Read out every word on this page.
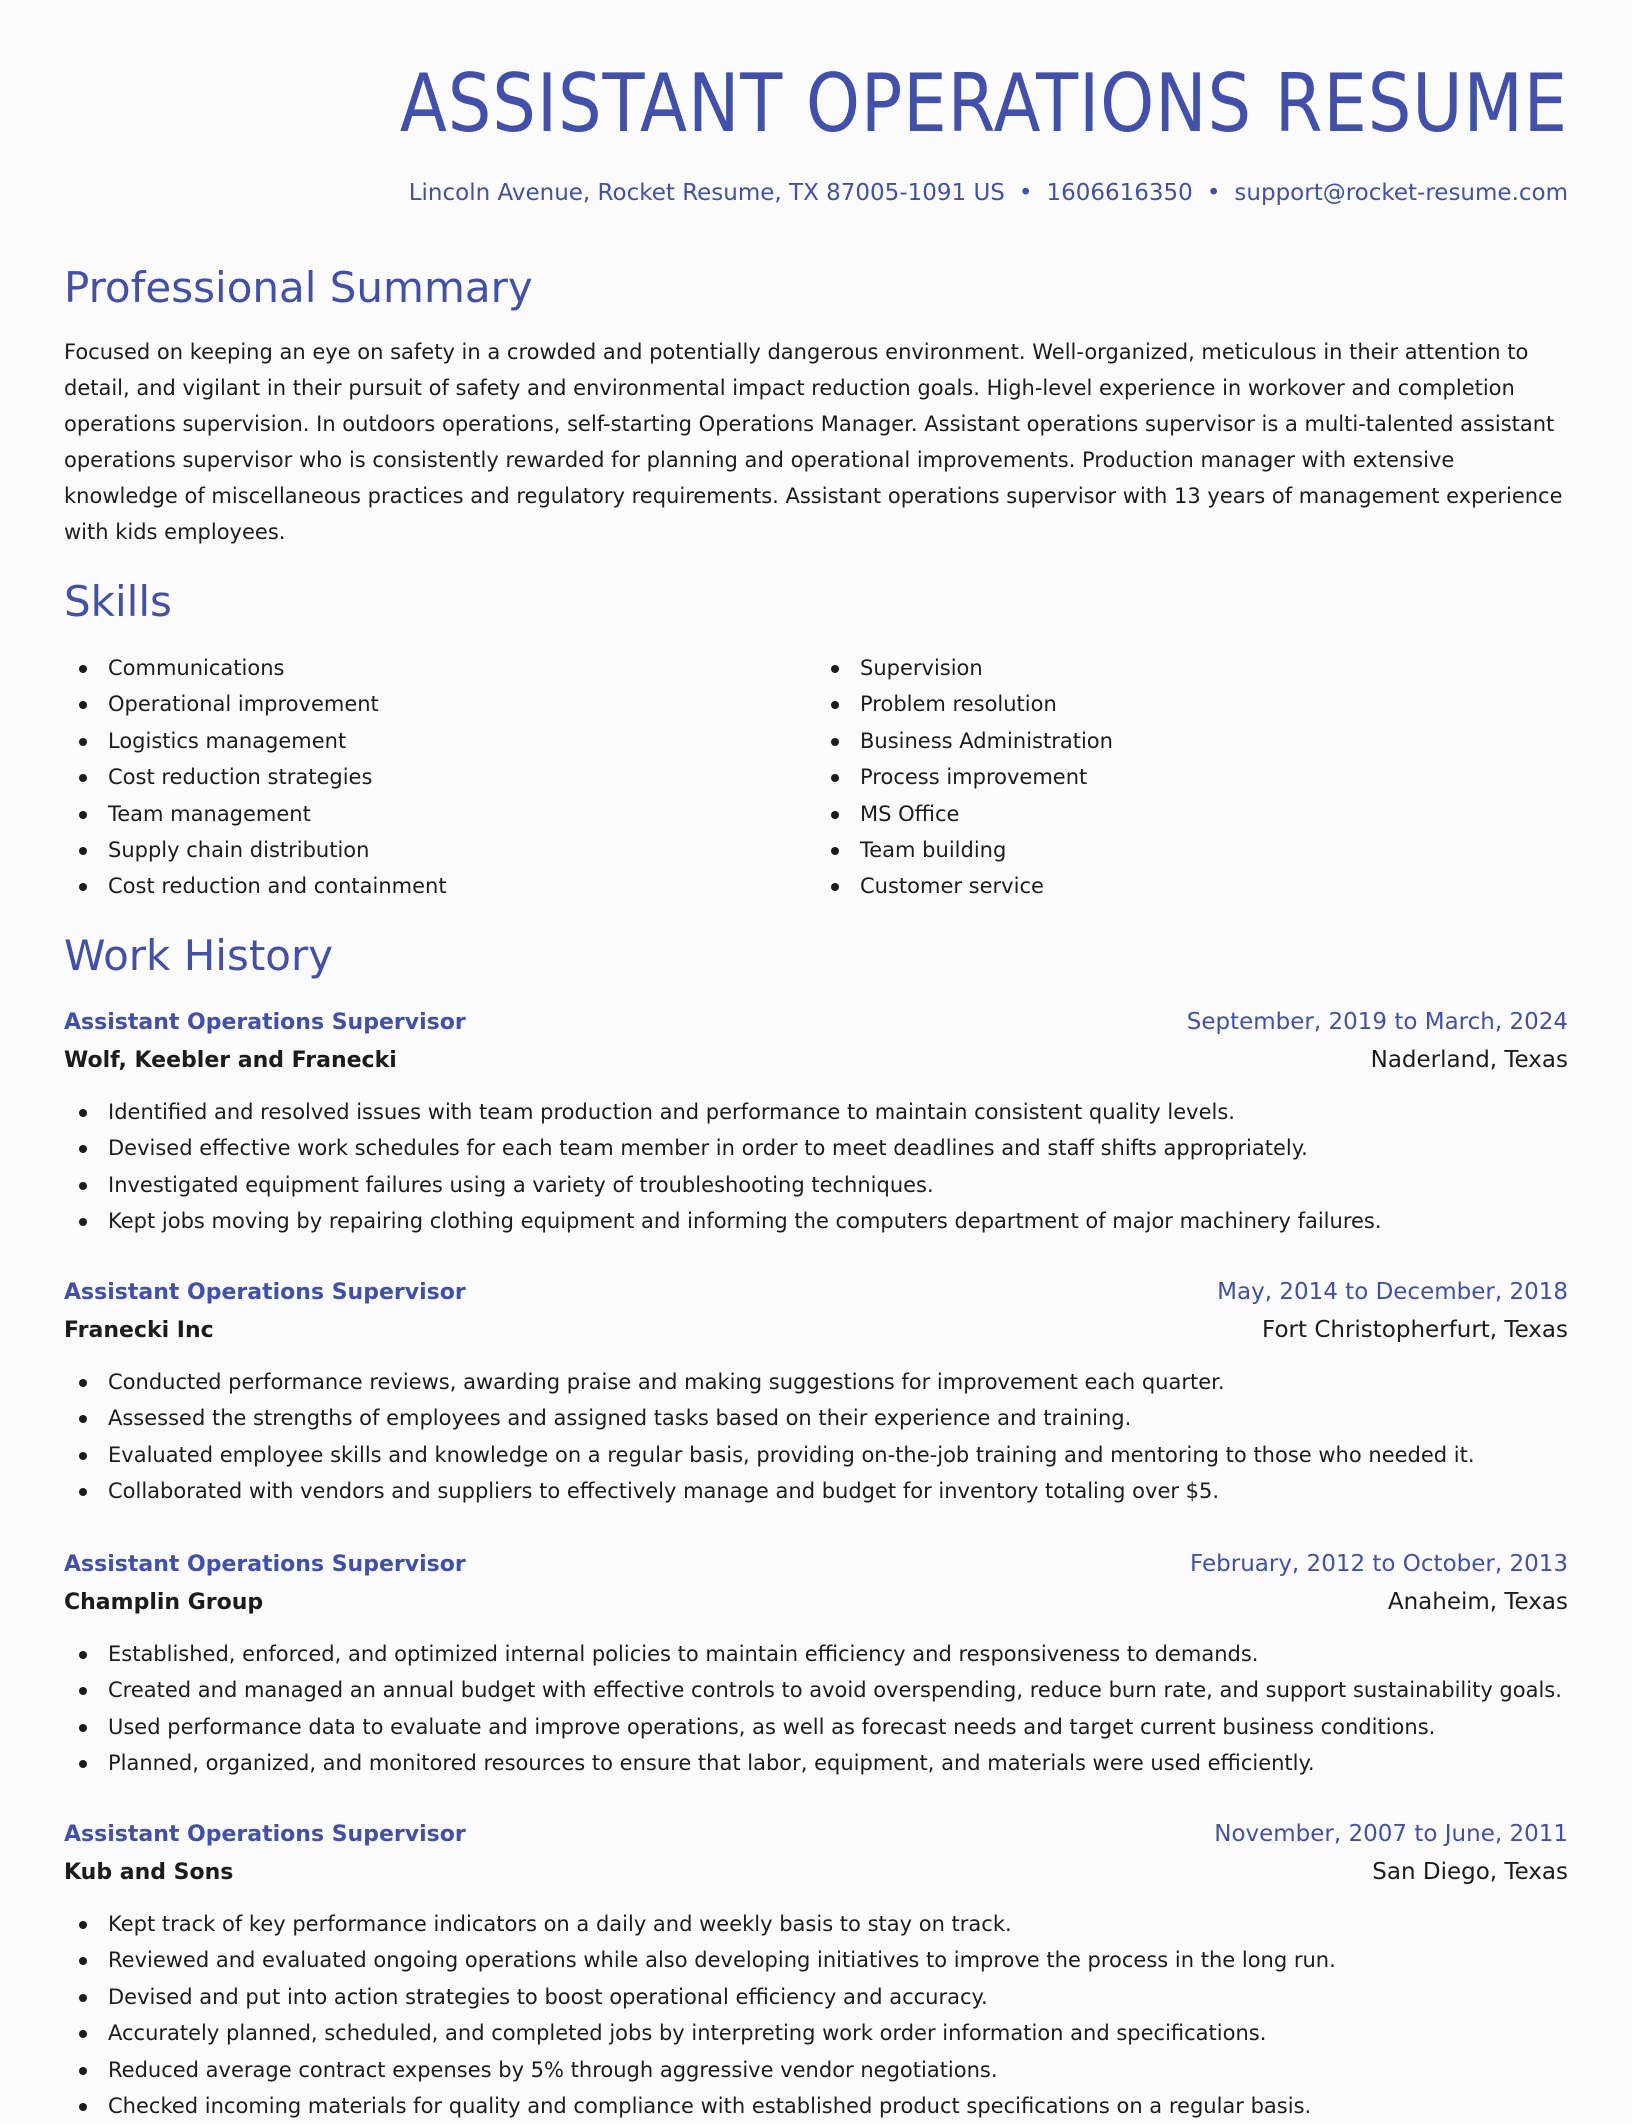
ASSISTANT OPERATIONS RESUME
Lincoln Avenue, Rocket Resume, TX 87005-1091 US • 1606616350 • support@rocket-resume.com
Professional Summary

Focused on keeping an eye on safety in a crowded and potentially dangerous environment. Well-organized, meticulous in their attention to detail, and vigilant in their pursuit of safety and environmental impact reduction goals. High-level experience in workover and completion operations supervision. In outdoors operations, self-starting Operations Manager. Assistant operations supervisor is a multi-talented assistant operations supervisor who is consistently rewarded for planning and operational improvements. Production manager with extensive knowledge of miscellaneous practices and regulatory requirements. Assistant operations supervisor with 13 years of management experience with kids employees.

Skills
Communications
Operational improvement
Logistics management
Cost reduction strategies
Team management
Supply chain distribution
Cost reduction and containment
Supervision
Problem resolution
Business Administration
Process improvement
MS Office
Team building
Customer service
Work History
Assistant Operations Supervisor	September, 2019 to March, 2024
Wolf, Keebler and Franecki	Naderland, Texas
Identified and resolved issues with team production and performance to maintain consistent quality levels.
Devised effective work schedules for each team member in order to meet deadlines and staff shifts appropriately.
Investigated equipment failures using a variety of troubleshooting techniques.
Kept jobs moving by repairing clothing equipment and informing the computers department of major machinery failures.
Assistant Operations Supervisor	May, 2014 to December, 2018
Franecki Inc	Fort Christopherfurt, Texas
Conducted performance reviews, awarding praise and making suggestions for improvement each quarter.
Assessed the strengths of employees and assigned tasks based on their experience and training.
Evaluated employee skills and knowledge on a regular basis, providing on-the-job training and mentoring to those who needed it.
Collaborated with vendors and suppliers to effectively manage and budget for inventory totaling over $5.
Assistant Operations Supervisor	February, 2012 to October, 2013
Champlin Group	Anaheim, Texas
Established, enforced, and optimized internal policies to maintain efficiency and responsiveness to demands.
Created and managed an annual budget with effective controls to avoid overspending, reduce burn rate, and support sustainability goals.
Used performance data to evaluate and improve operations, as well as forecast needs and target current business conditions.
Planned, organized, and monitored resources to ensure that labor, equipment, and materials were used efficiently.
Assistant Operations Supervisor	November, 2007 to June, 2011
Kub and Sons	San Diego, Texas
Kept track of key performance indicators on a daily and weekly basis to stay on track.
Reviewed and evaluated ongoing operations while also developing initiatives to improve the process in the long run.
Devised and put into action strategies to boost operational efficiency and accuracy.
Accurately planned, scheduled, and completed jobs by interpreting work order information and specifications.
Reduced average contract expenses by 5% through aggressive vendor negotiations.
Checked incoming materials for quality and compliance with established product specifications on a regular basis.
